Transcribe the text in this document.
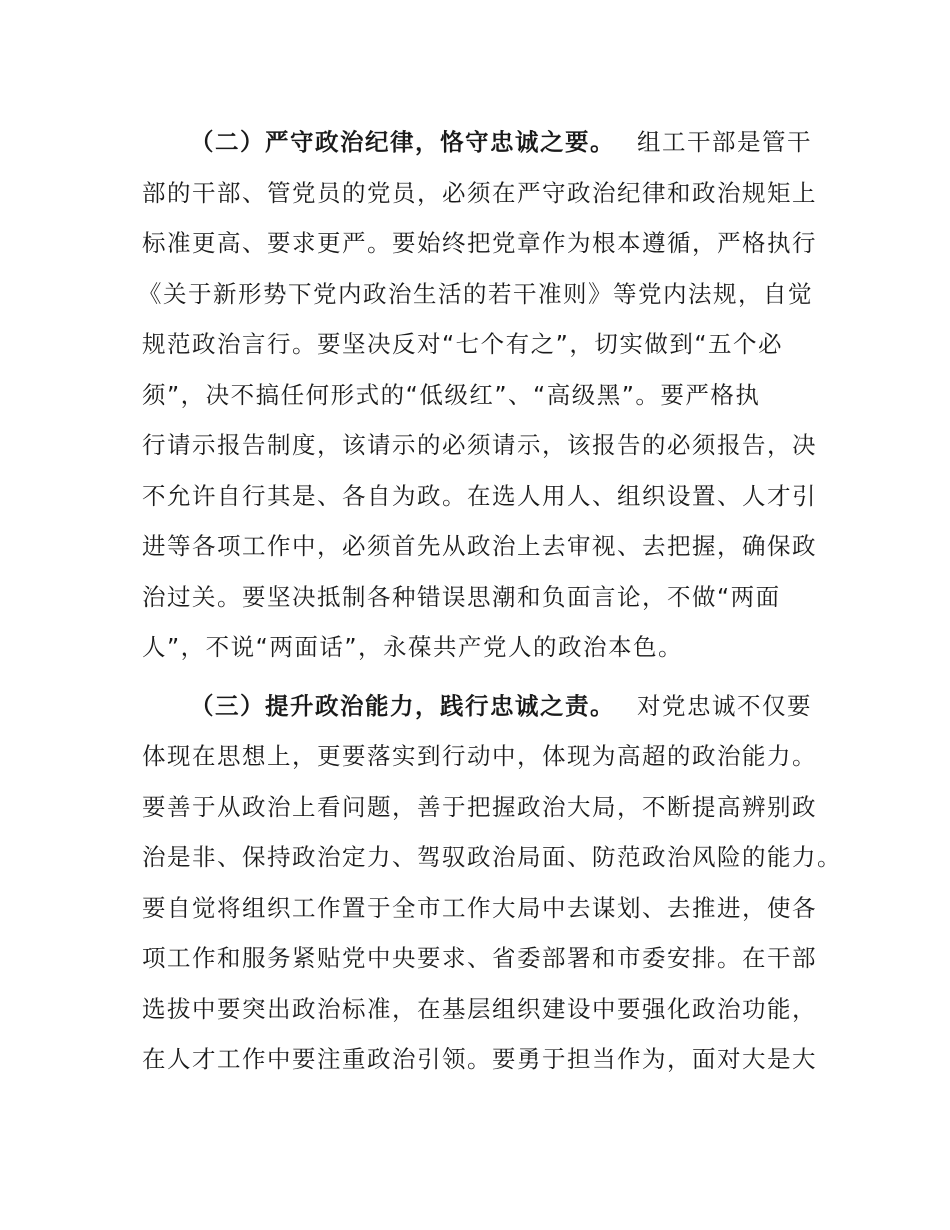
（二）严守政治纪律，恪守忠诚之要。 组工干部是管干
部的干部、管党员的党员，必须在严守政治纪律和政治规矩上
标准更高、要求更严。要始终把党章作为根本遵循，严格执行
《关于新形势下党内政治生活的若干准则》等党内法规，自觉
规范政治言行。要坚决反对“七个有之”，切实做到“五个必
须”，决不搞任何形式的“低级红”、“高级黑”。要严格执
行请示报告制度，该请示的必须请示，该报告的必须报告，决
不允许自行其是、各自为政。在选人用人、组织设置、人才引
进等各项工作中，必须首先从政治上去审视、去把握，确保政
治过关。要坚决抵制各种错误思潮和负面言论，不做“两面
人”，不说“两面话”，永葆共产党人的政治本色。
（三）提升政治能力，践行忠诚之责。 对党忠诚不仅要
体现在思想上，更要落实到行动中，体现为高超的政治能力。
要善于从政治上看问题，善于把握政治大局，不断提高辨别政
治是非、保持政治定力、驾驭政治局面、防范政治风险的能力。
要自觉将组织工作置于全市工作大局中去谋划、去推进，使各
项工作和服务紧贴党中央要求、省委部署和市委安排。在干部
选拔中要突出政治标准，在基层组织建设中要强化政治功能，
在人才工作中要注重政治引领。要勇于担当作为，面对大是大
